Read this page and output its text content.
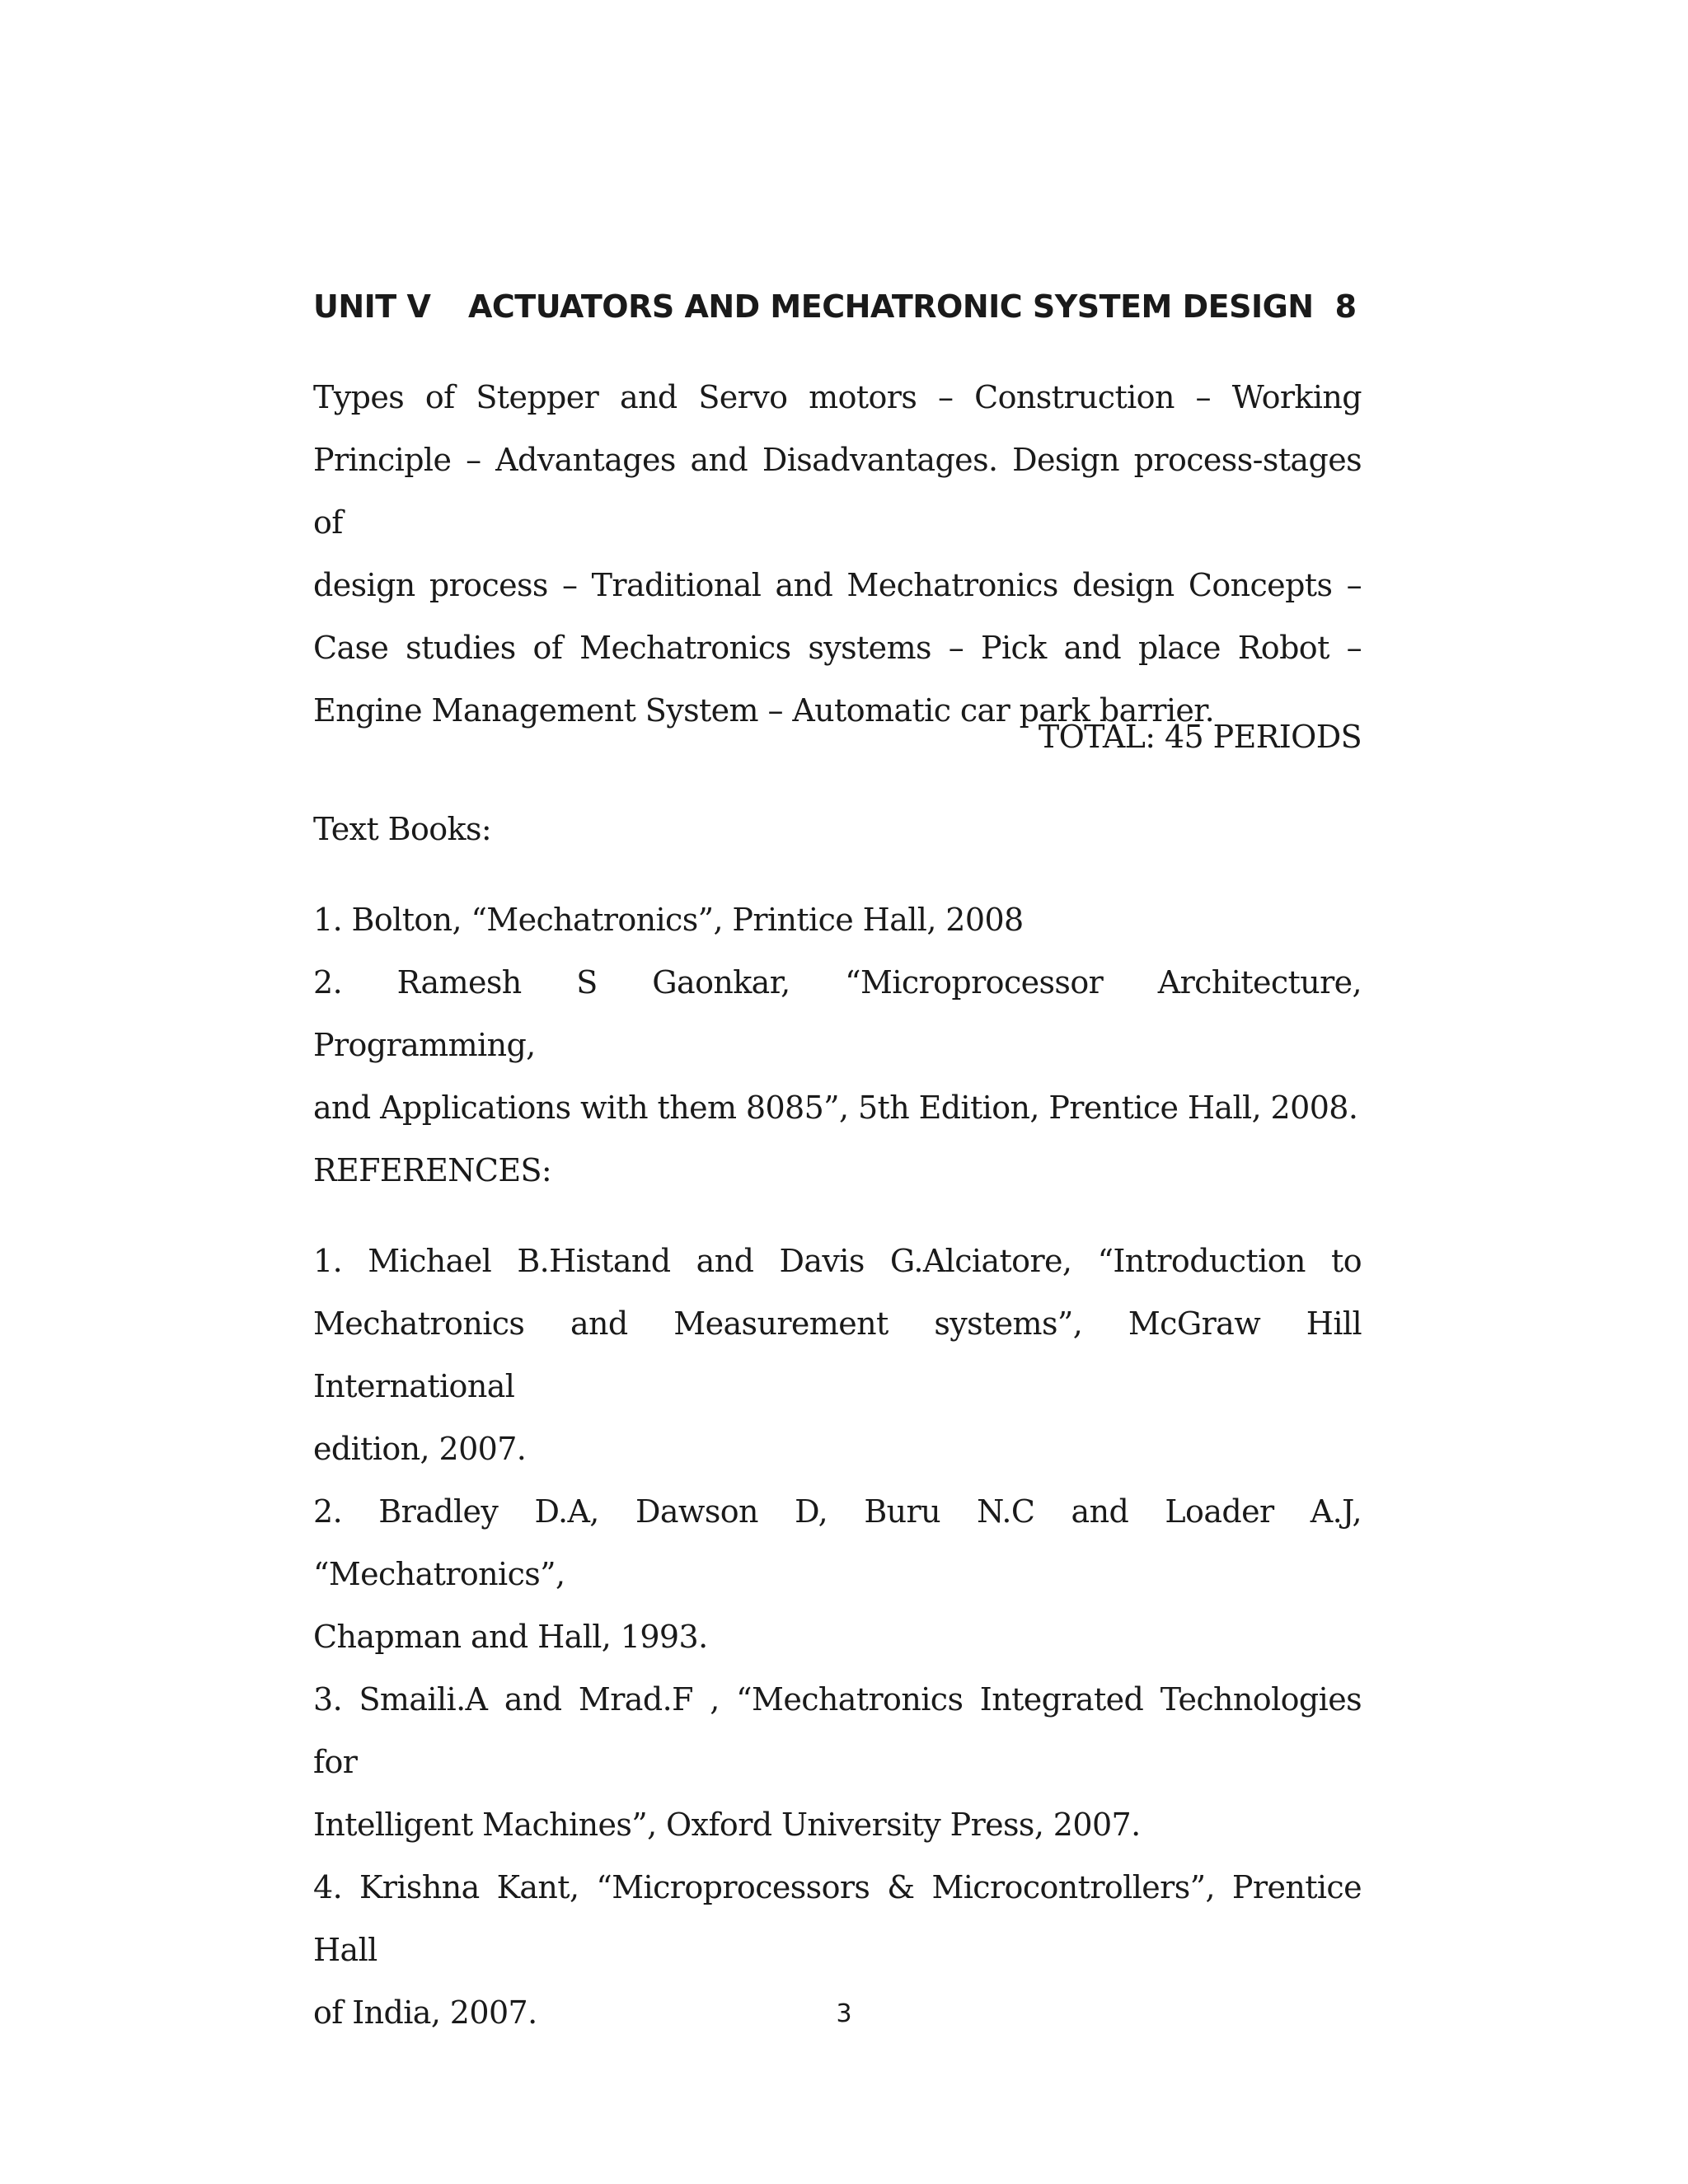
UNIT V ACTUATORS AND MECHATRONIC SYSTEM DESIGN 8
Types of Stepper and Servo motors – Construction – Working
Principle – Advantages and Disadvantages. Design process-stages of
design process – Traditional and Mechatronics design Concepts –
Case studies of Mechatronics systems – Pick and place Robot –
Engine Management System – Automatic car park barrier.
TOTAL: 45 PERIODS
Text Books:
1. Bolton, “Mechatronics”, Printice Hall, 2008
2. Ramesh S Gaonkar, “Microprocessor Architecture, Programming,
and Applications with them 8085”, 5th Edition, Prentice Hall, 2008.
REFERENCES:
1. Michael B.Histand and Davis G.Alciatore, “Introduction to
Mechatronics and Measurement systems”, McGraw Hill International
edition, 2007.
2. Bradley D.A, Dawson D, Buru N.C and Loader A.J, “Mechatronics”,
Chapman and Hall, 1993.
3. Smaili.A and Mrad.F , “Mechatronics Integrated Technologies for
Intelligent Machines”, Oxford University Press, 2007.
4. Krishna Kant, “Microprocessors & Microcontrollers”, Prentice Hall
of India, 2007.	3
